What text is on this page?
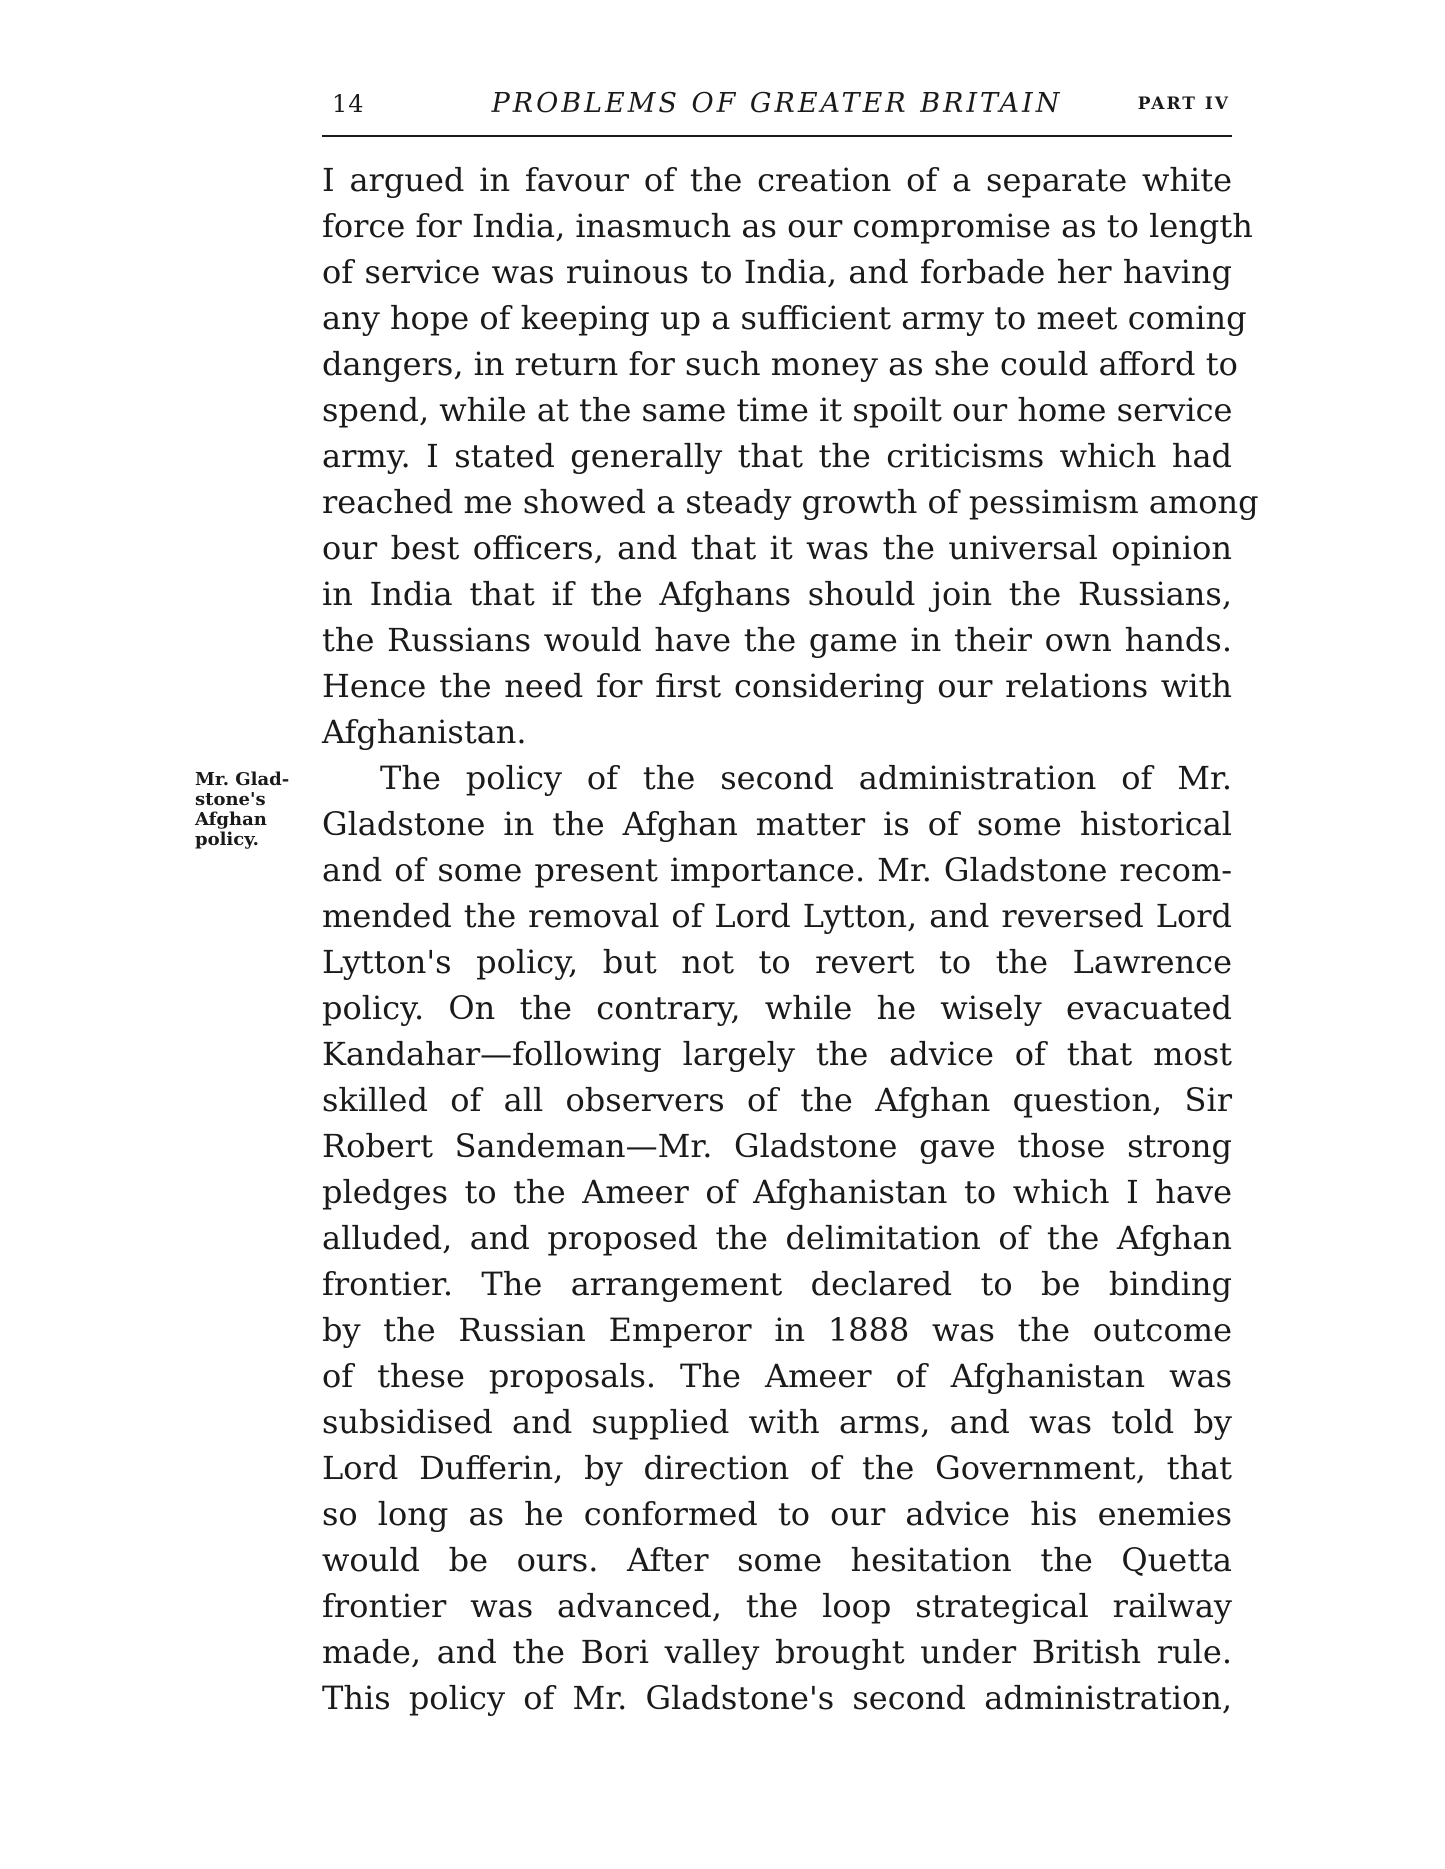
14	PROBLEMS OF GREATER BRITAIN	PART IV
Mr. Glad-
stone's
Afghan
policy.
I argued in favour of the creation of a separate white
force for India, inasmuch as our compromise as to length
of service was ruinous to India, and forbade her having
any hope of keeping up a sufficient army to meet coming
dangers, in return for such money as she could afford to
spend, while at the same time it spoilt our home service
army. I stated generally that the criticisms which had
reached me showed a steady growth of pessimism among
our best officers, and that it was the universal opinion
in India that if the Afghans should join the Russians,
the Russians would have the game in their own hands.
Hence the need for first considering our relations with
Afghanistan.
The policy of the second administration of Mr.
Gladstone in the Afghan matter is of some historical
and of some present importance. Mr. Gladstone recom-
mended the removal of Lord Lytton, and reversed Lord
Lytton's policy, but not to revert to the Lawrence
policy. On the contrary, while he wisely evacuated
Kandahar—following largely the advice of that most
skilled of all observers of the Afghan question, Sir
Robert Sandeman—Mr. Gladstone gave those strong
pledges to the Ameer of Afghanistan to which I have
alluded, and proposed the delimitation of the Afghan
frontier. The arrangement declared to be binding
by the Russian Emperor in 1888 was the outcome
of these proposals. The Ameer of Afghanistan was
subsidised and supplied with arms, and was told by
Lord Dufferin, by direction of the Government, that
so long as he conformed to our advice his enemies
would be ours. After some hesitation the Quetta
frontier was advanced, the loop strategical railway
made, and the Bori valley brought under British rule.
This policy of Mr. Gladstone's second administration,
